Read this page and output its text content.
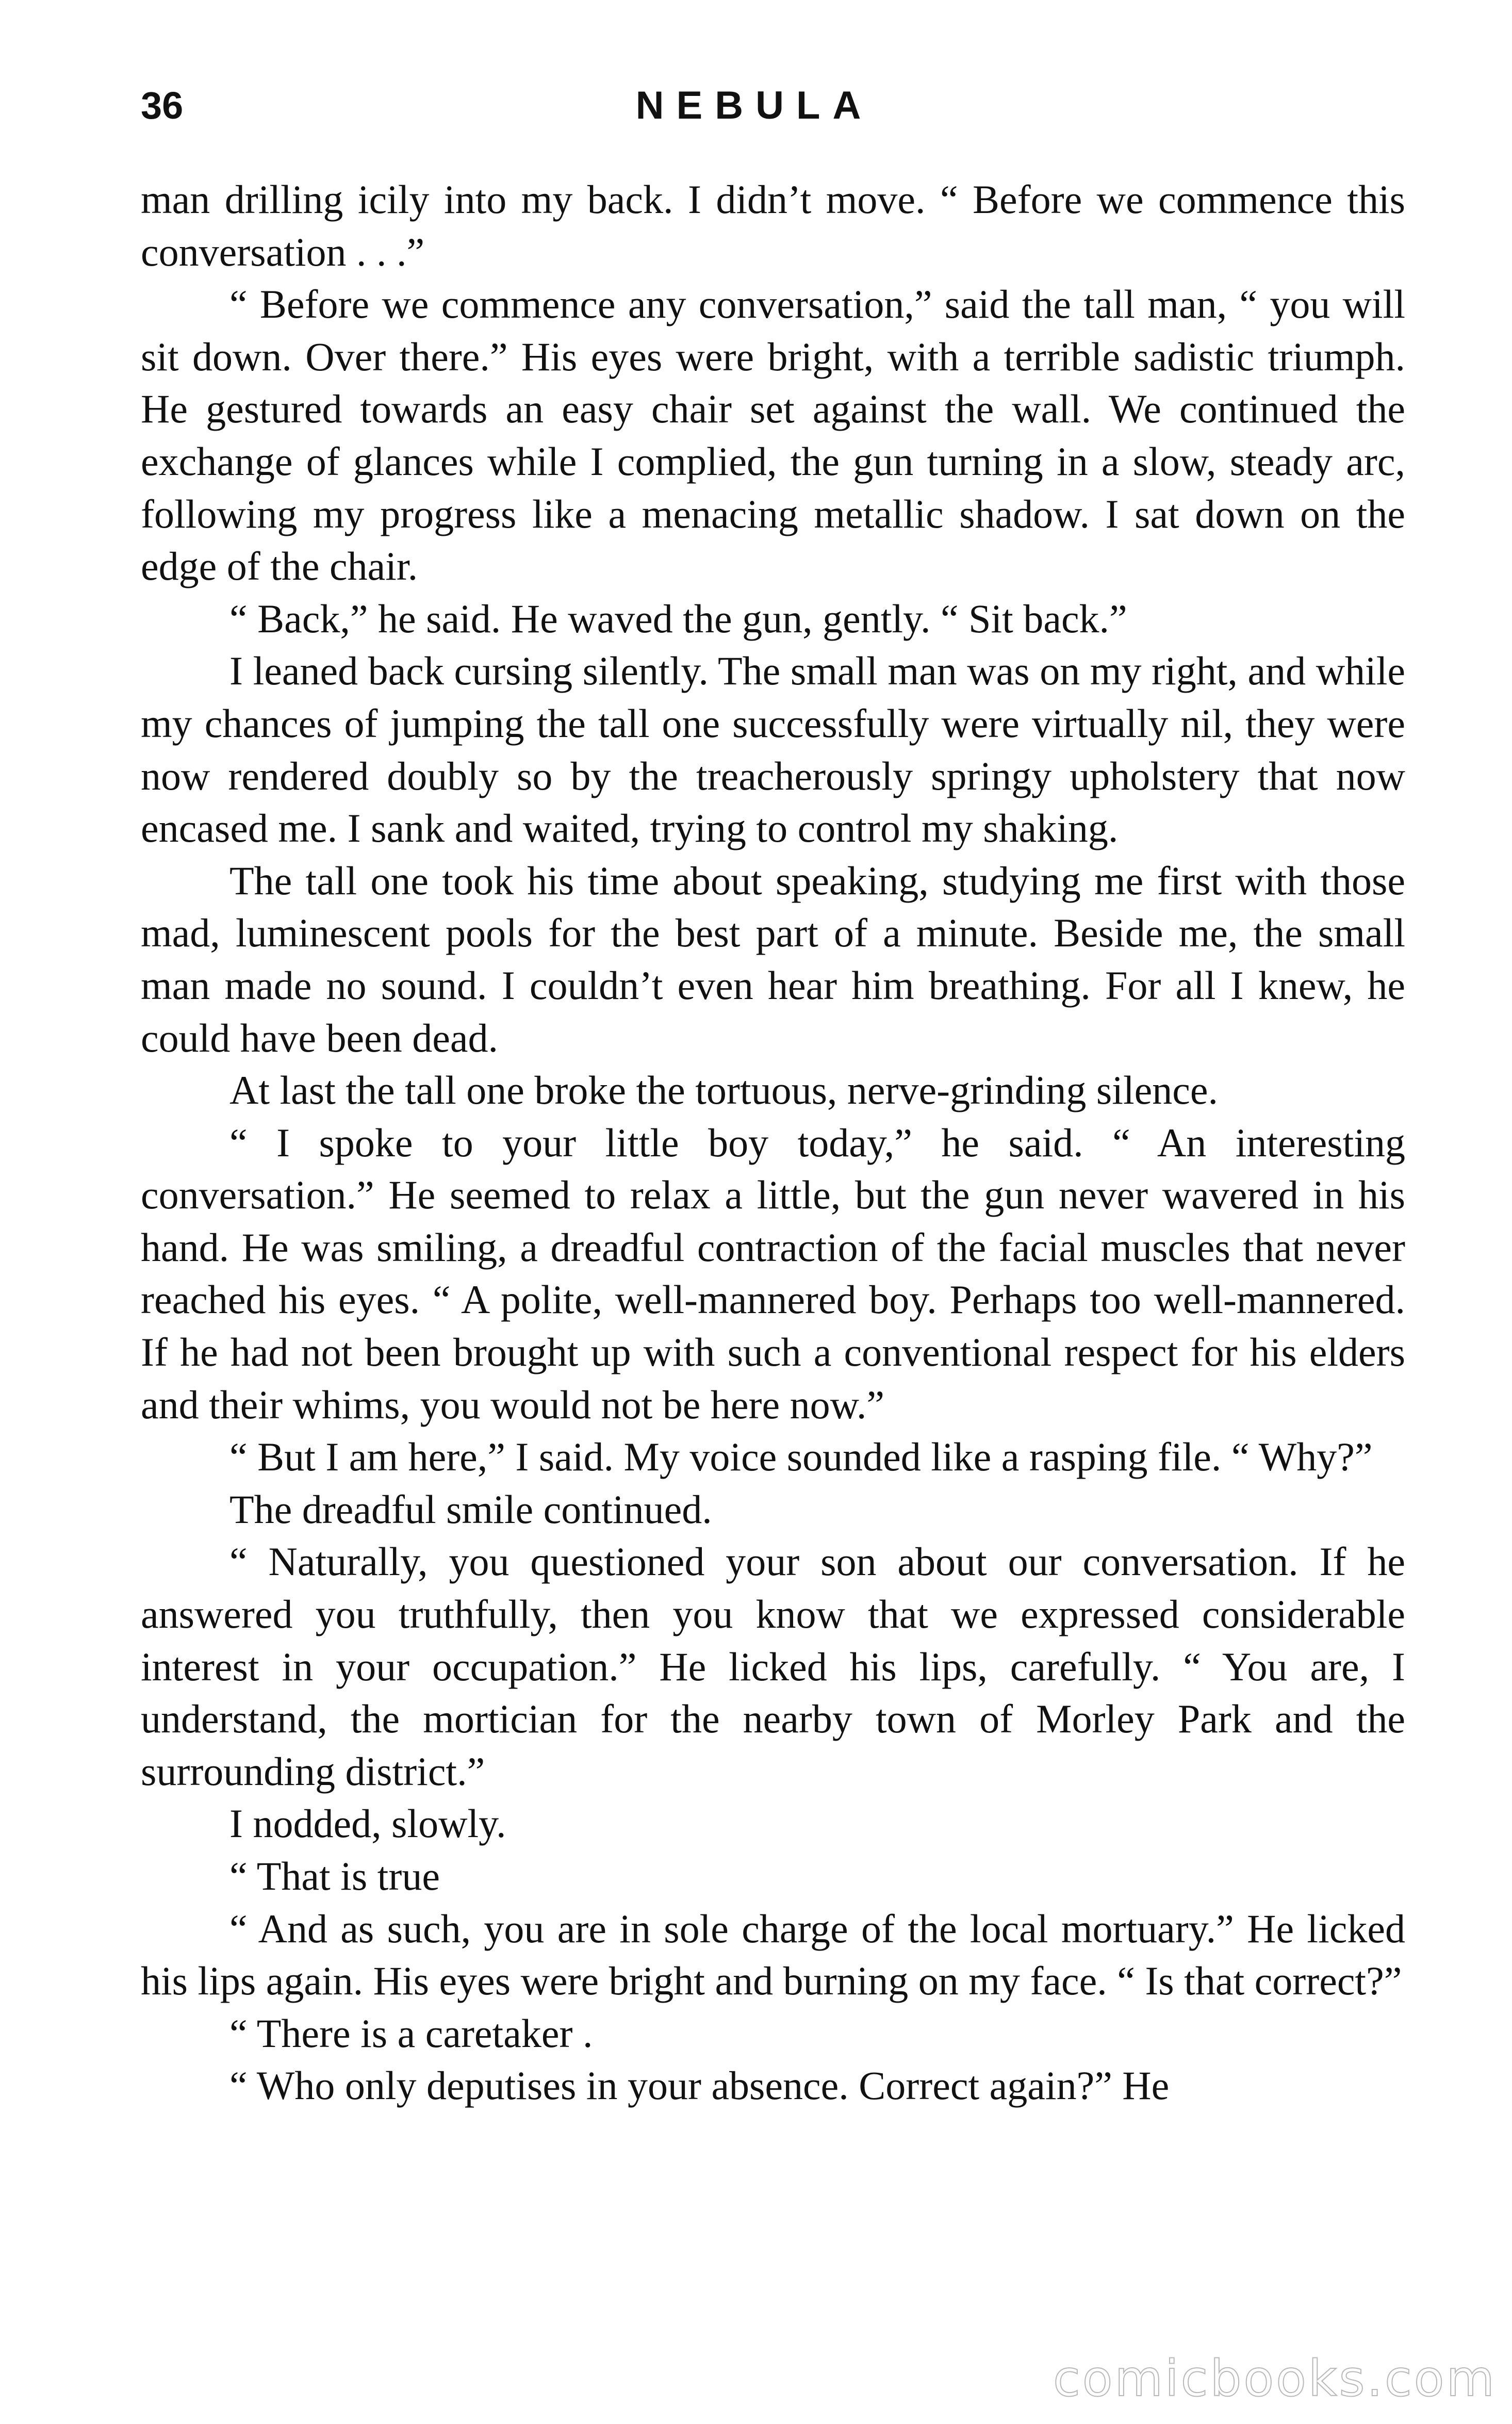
36	NEBULA

man drilling icily into my back. I didn’t move. “ Before we commence this conversation . . .”

“ Before we commence any conversation,” said the tall man, “ you will sit down. Over there.” His eyes were bright, with a terrible sadistic triumph. He gestured towards an easy chair set against the wall. We continued the exchange of glances while I complied, the gun turning in a slow, steady arc, following my progress like a menacing metallic shadow. I sat down on the edge of the chair.

“ Back,” he said. He waved the gun, gently. “ Sit back.”

I leaned back cursing silently. The small man was on my right, and while my chances of jumping the tall one successfully were virtually nil, they were now rendered doubly so by the treacherously springy upholstery that now encased me. I sank and waited, trying to control my shaking.

The tall one took his time about speaking, studying me first with those mad, luminescent pools for the best part of a minute. Beside me, the small man made no sound. I couldn’t even hear him breathing. For all I knew, he could have been dead.

At last the tall one broke the tortuous, nerve-grinding silence.

“ I spoke to your little boy today,” he said. “ An interesting conversation.” He seemed to relax a little, but the gun never wavered in his hand. He was smiling, a dreadful contraction of the facial muscles that never reached his eyes. “ A polite, well-mannered boy. Perhaps too well-mannered. If he had not been brought up with such a conventional respect for his elders and their whims, you would not be here now.”

“ But I am here,” I said. My voice sounded like a rasping file. “ Why?”

The dreadful smile continued.

“ Naturally, you questioned your son about our conversation. If he answered you truthfully, then you know that we expressed considerable interest in your occupation.” He licked his lips, carefully. “ You are, I understand, the mortician for the nearby town of Morley Park and the surrounding district.”

I nodded, slowly.

“ That is true

“ And as such, you are in sole charge of the local mortuary.” He licked his lips again. His eyes were bright and burning on my face. “ Is that correct?”

“ There is a caretaker .

“ Who only deputises in your absence. Correct again?” He

comicbooks.com
